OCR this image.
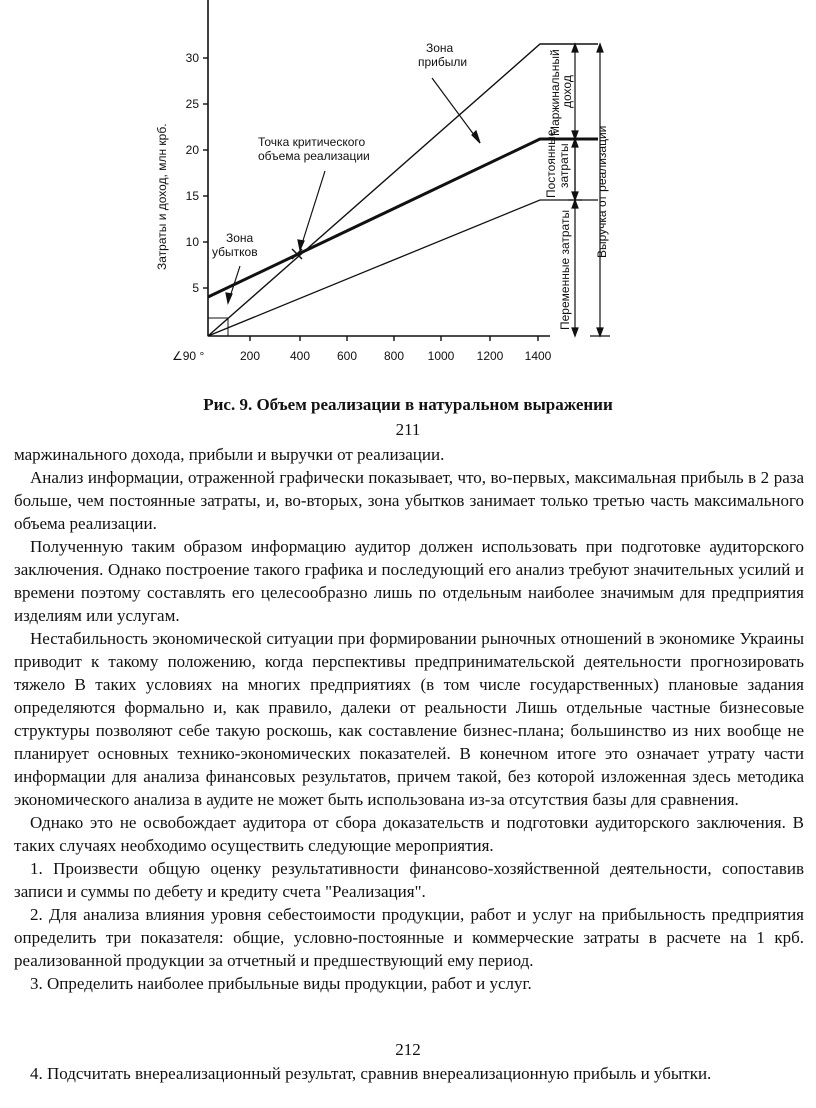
30
25
20
15
10
5
200 400 600 800 1000 1200 1400
∠90 °
Затраты и доход, млн крб.
Зона
прибыли
Точка критического
объема реализации
Зона
убытков
Маржинальный
доход
Постоянные затраты
Переменные затраты
Выручка от реализации
Рис. 9. Объем реализации в натуральном выражении
211

маржинального дохода, прибыли и выручки от реализации.

Анализ информации, отраженной графически показывает, что, во-первых, максимальная прибыль в 2 раза больше, чем постоянные затраты, и, во-вторых, зона убытков занимает только третью часть максимального объема реализации.

Полученную таким образом информацию аудитор должен использовать при подготовке аудиторского заключения. Однако построение такого графика и последующий его анализ требуют значительных усилий и времени поэтому составлять его целесообразно лишь по отдельным наиболее значимым для предприятия изделиям или услугам.

Нестабильность экономической ситуации при формировании рыночных отношений в экономике Украины приводит к такому положению, когда перспективы предпринимательской деятельности прогнозировать тяжело В таких условиях на многих предприятиях (в том числе государственных) плановые задания определяются формально и, как правило, далеки от реальности Лишь отдельные частные бизнесовые структуры позволяют себе такую роскошь, как составление бизнес-плана; большинство из них вообще не планирует основных технико-экономических показателей. В конечном итоге это означает утрату части информации для анализа финансовых результатов, причем такой, без которой изложенная здесь методика экономического анализа в аудите не может быть использована из-за отсутствия базы для сравнения.

Однако это не освобождает аудитора от сбора доказательств и подготовки аудиторского заключения. В таких случаях необходимо осуществить следующие мероприятия.

1. Произвести общую оценку результативности финансово-хозяйственной деятельности, сопоставив записи и суммы по дебету и кредиту счета "Реализация".

2. Для анализа влияния уровня себестоимости продукции, работ и услуг на прибыльность предприятия определить три показателя: общие, условно-постоянные и коммерческие затраты в расчете на 1 крб. реализованной продукции за отчетный и предшествующий ему период.

3. Определить наиболее прибыльные виды продукции, работ и услуг.

212

4. Подсчитать внереализационный результат, сравнив внереализационную прибыль и убытки.
